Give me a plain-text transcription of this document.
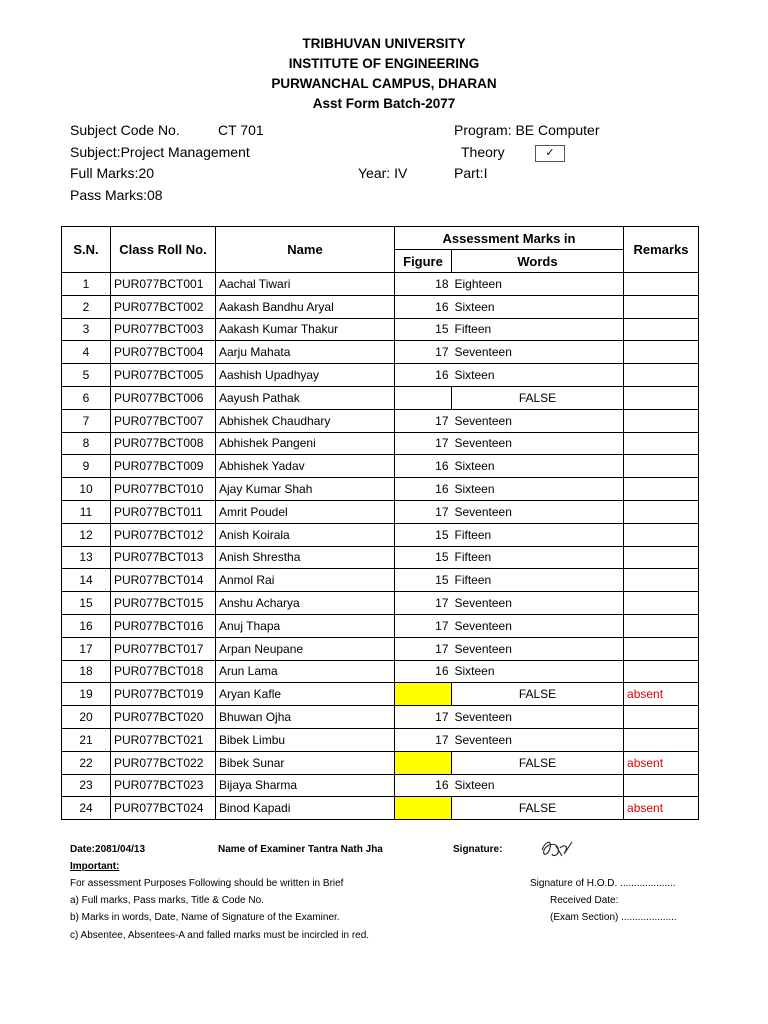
TRIBHUVAN UNIVERSITY
INSTITUTE OF ENGINEERING
PURWANCHAL CAMPUS, DHARAN
Asst Form Batch-2077
Subject Code No.	CT 701	Program: BE Computer
Subject:Project Management	Theory	✓
Full Marks:20	Year: IV	Part:I
Pass Marks:08
S.N.	Class Roll No.	Name	Assessment Marks in		Remarks
			Figure	Words	
1	PUR077BCT001	Aachal Tiwari	18	Eighteen	
2	PUR077BCT002	Aakash Bandhu Aryal	16	Sixteen	
3	PUR077BCT003	Aakash Kumar Thakur	15	Fifteen	
4	PUR077BCT004	Aarju Mahata	17	Seventeen	
5	PUR077BCT005	Aashish Upadhyay	16	Sixteen	
6	PUR077BCT006	Aayush Pathak		FALSE	
7	PUR077BCT007	Abhishek Chaudhary	17	Seventeen	
8	PUR077BCT008	Abhishek Pangeni	17	Seventeen	
9	PUR077BCT009	Abhishek Yadav	16	Sixteen	
10	PUR077BCT010	Ajay Kumar Shah	16	Sixteen	
11	PUR077BCT011	Amrit Poudel	17	Seventeen	
12	PUR077BCT012	Anish Koirala	15	Fifteen	
13	PUR077BCT013	Anish Shrestha	15	Fifteen	
14	PUR077BCT014	Anmol Rai	15	Fifteen	
15	PUR077BCT015	Anshu Acharya	17	Seventeen	
16	PUR077BCT016	Anuj Thapa	17	Seventeen	
17	PUR077BCT017	Arpan Neupane	17	Seventeen	
18	PUR077BCT018	Arun Lama	16	Sixteen	
19	PUR077BCT019	Aryan Kafle		FALSE	absent
20	PUR077BCT020	Bhuwan Ojha	17	Seventeen	
21	PUR077BCT021	Bibek Limbu	17	Seventeen	
22	PUR077BCT022	Bibek Sunar		FALSE	absent
23	PUR077BCT023	Bijaya Sharma	16	Sixteen	
24	PUR077BCT024	Binod Kapadi		FALSE	absent
Date:2081/04/13	Name of Examiner Tantra Nath Jha	Signature:
Important:
For assessment Purposes Following should be written in Brief
a) Full marks, Pass marks, Title & Code No.
b) Marks in words, Date, Name of Signature of the Examiner.
c) Absentee, Absentees-A and falled marks must be incircled in red.
Signature of H.O.D. ....................
Received Date:
(Exam Section) ....................
